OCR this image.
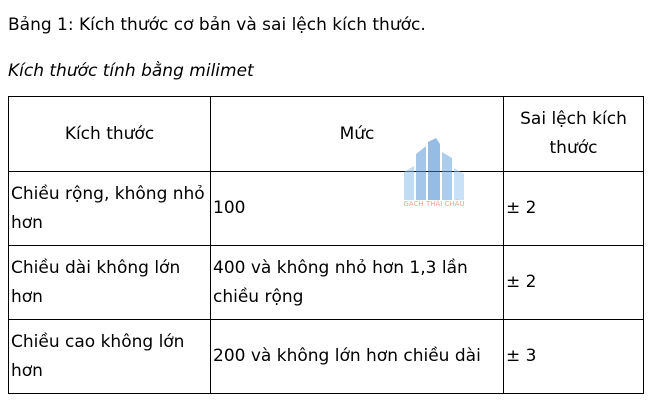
Bảng 1: Kích thước cơ bản và sai lệch kích thước.
Kích thước tính bằng milimet
Kích thước	Mức	Sai lệch kích thước
Chiều rộng, không nhỏ hơn	100	± 2
Chiều dài không lớn hơn	400 và không nhỏ hơn 1,3 lần chiều rộng	± 2
Chiều cao không lớn hơn	200 và không lớn hơn chiều dài	± 3
GẠCH THÁI CHÂU
